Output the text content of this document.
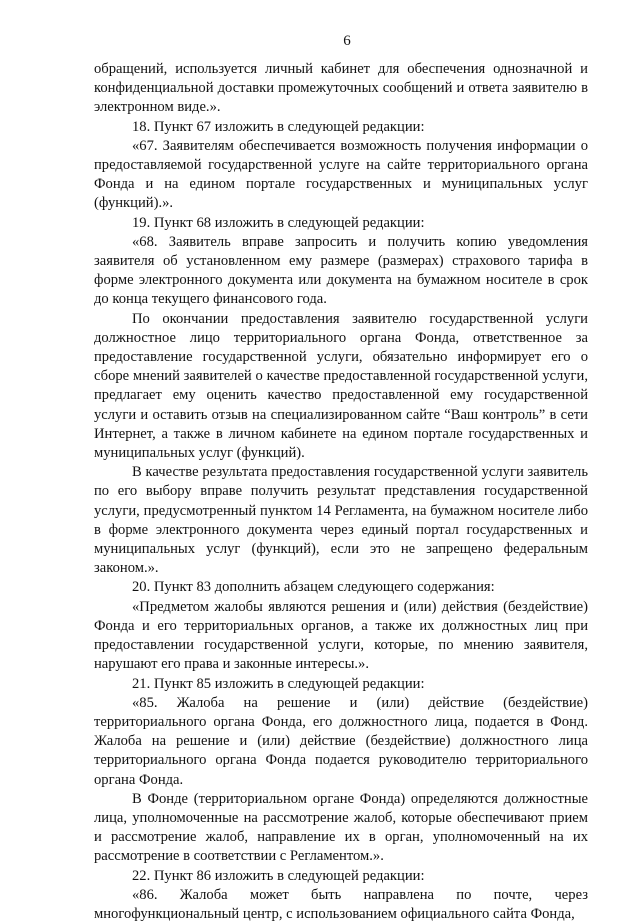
6

обращений, используется личный кабинет для обеспечения однозначной и конфиденциальной доставки промежуточных сообщений и ответа заявителю в электронном виде.».

18. Пункт 67 изложить в следующей редакции:

«67. Заявителям обеспечивается возможность получения информации о предоставляемой государственной услуге на сайте территориального органа Фонда и на едином портале государственных и муниципальных услуг (функций).».

19. Пункт 68 изложить в следующей редакции:

«68. Заявитель вправе запросить и получить копию уведомления заявителя об установленном ему размере (размерах) страхового тарифа в форме электронного документа или документа на бумажном носителе в срок до конца текущего финансового года.

По окончании предоставления заявителю государственной услуги должностное лицо территориального органа Фонда, ответственное за предоставление государственной услуги, обязательно информирует его о сборе мнений заявителей о качестве предоставленной государственной услуги, предлагает ему оценить качество предоставленной ему государственной услуги и оставить отзыв на специализированном сайте “Ваш контроль” в сети Интернет, а также в личном кабинете на едином портале государственных и муниципальных услуг (функций).

В качестве результата предоставления государственной услуги заявитель по его выбору вправе получить результат представления государственной услуги, предусмотренный пунктом 14 Регламента, на бумажном носителе либо в форме электронного документа через единый портал государственных и муниципальных услуг (функций), если это не запрещено федеральным законом.».

20. Пункт 83 дополнить абзацем следующего содержания:

«Предметом жалобы являются решения и (или) действия (бездействие) Фонда и его территориальных органов, а также их должностных лиц при предоставлении государственной услуги, которые, по мнению заявителя, нарушают его права и законные интересы.».

21. Пункт 85 изложить в следующей редакции:

«85. Жалоба на решение и (или) действие (бездействие) территориального органа Фонда, его должностного лица, подается в Фонд. Жалоба на решение и (или) действие (бездействие) должностного лица территориального органа Фонда подается руководителю территориального органа Фонда.

В Фонде (территориальном органе Фонда) определяются должностные лица, уполномоченные на рассмотрение жалоб, которые обеспечивают прием и рассмотрение жалоб, направление их в орган, уполномоченный на их рассмотрение в соответствии с Регламентом.».

22. Пункт 86 изложить в следующей редакции:

«86. Жалоба может быть направлена по почте, через многофункциональный центр, с использованием официального сайта Фонда,
